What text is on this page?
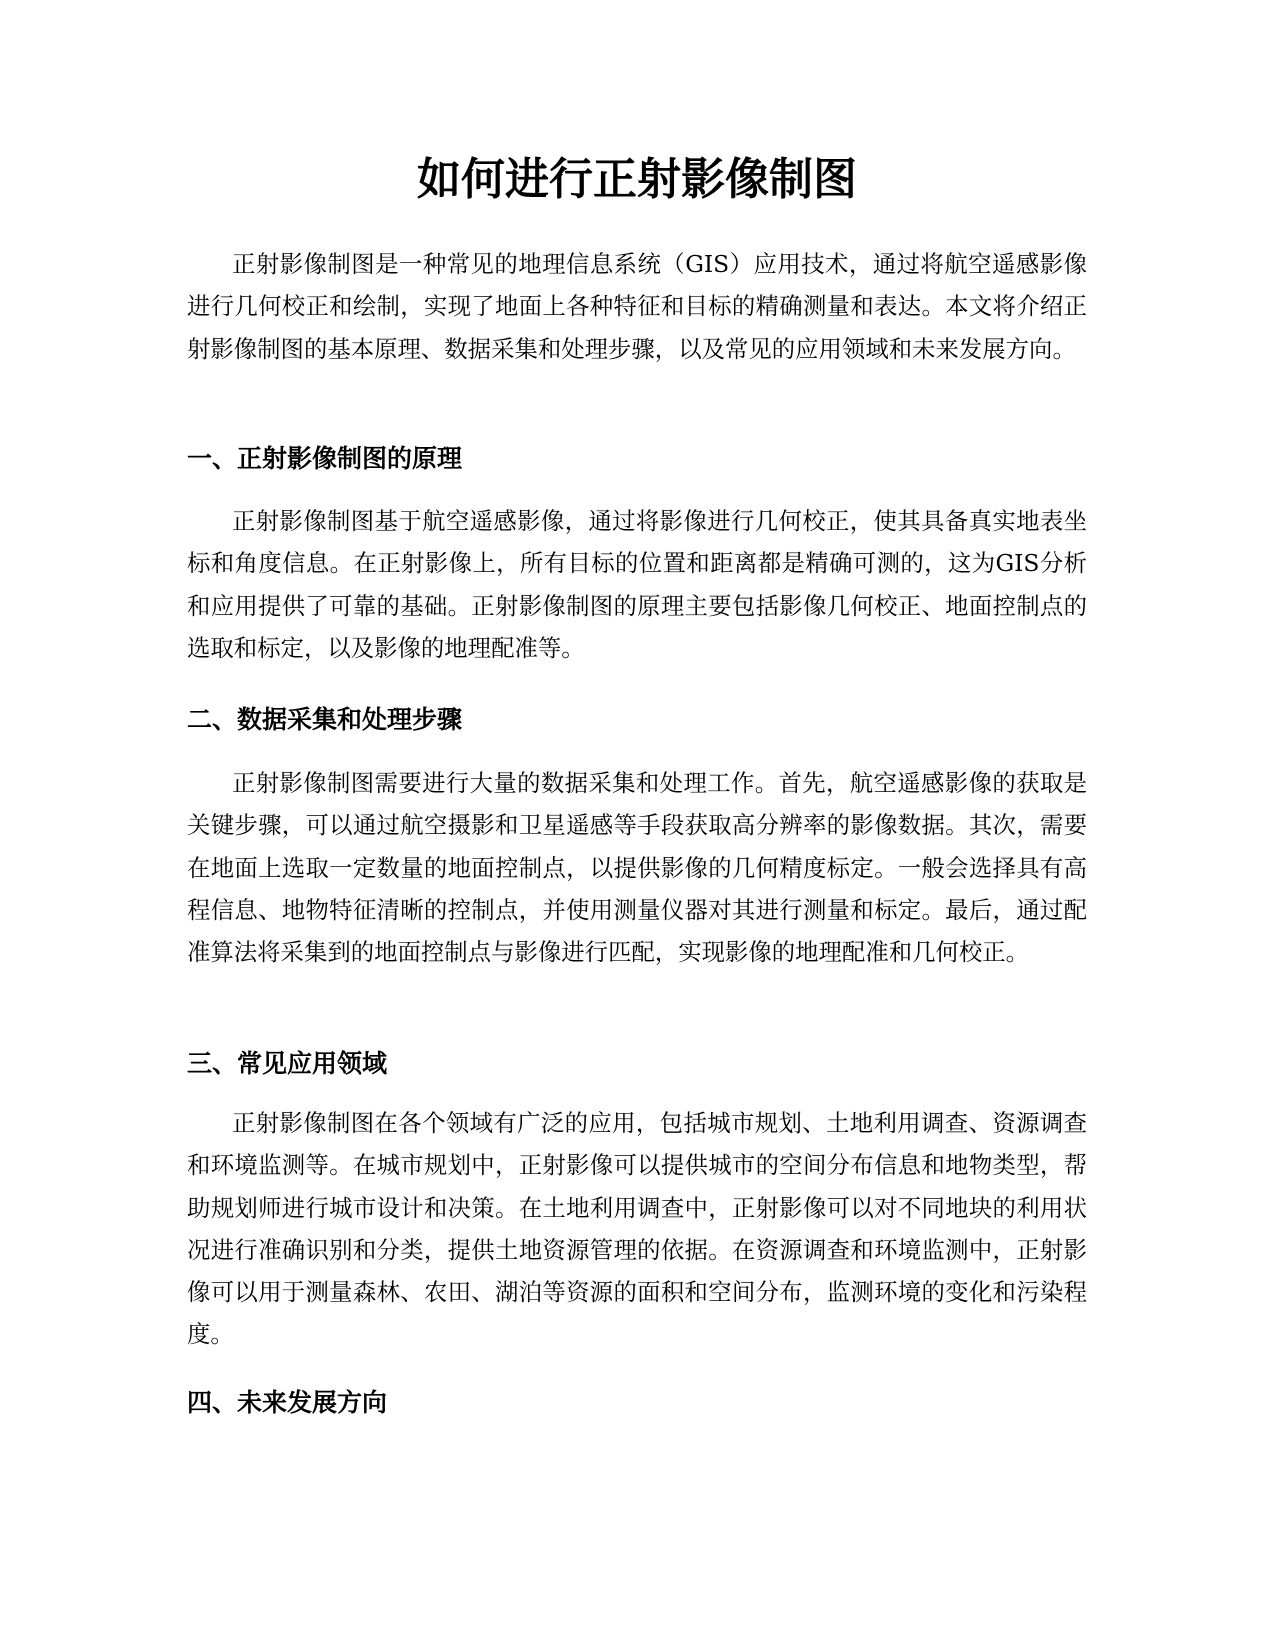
如何进行正射影像制图

正射影像制图是一种常见的地理信息系统（GIS）应用技术，通过将航空遥感影像进行几何校正和绘制，实现了地面上各种特征和目标的精确测量和表达。本文将介绍正射影像制图的基本原理、数据采集和处理步骤，以及常见的应用领域和未来发展方向。

一、正射影像制图的原理

正射影像制图基于航空遥感影像，通过将影像进行几何校正，使其具备真实地表坐标和角度信息。在正射影像上，所有目标的位置和距离都是精确可测的，这为GIS分析和应用提供了可靠的基础。正射影像制图的原理主要包括影像几何校正、地面控制点的选取和标定，以及影像的地理配准等。

二、数据采集和处理步骤

正射影像制图需要进行大量的数据采集和处理工作。首先，航空遥感影像的获取是关键步骤，可以通过航空摄影和卫星遥感等手段获取高分辨率的影像数据。其次，需要在地面上选取一定数量的地面控制点，以提供影像的几何精度标定。一般会选择具有高程信息、地物特征清晰的控制点，并使用测量仪器对其进行测量和标定。最后，通过配准算法将采集到的地面控制点与影像进行匹配，实现影像的地理配准和几何校正。

三、常见应用领域

正射影像制图在各个领域有广泛的应用，包括城市规划、土地利用调查、资源调查和环境监测等。在城市规划中，正射影像可以提供城市的空间分布信息和地物类型，帮助规划师进行城市设计和决策。在土地利用调查中，正射影像可以对不同地块的利用状况进行准确识别和分类，提供土地资源管理的依据。在资源调查和环境监测中，正射影像可以用于测量森林、农田、湖泊等资源的面积和空间分布，监测环境的变化和污染程度。

四、未来发展方向
